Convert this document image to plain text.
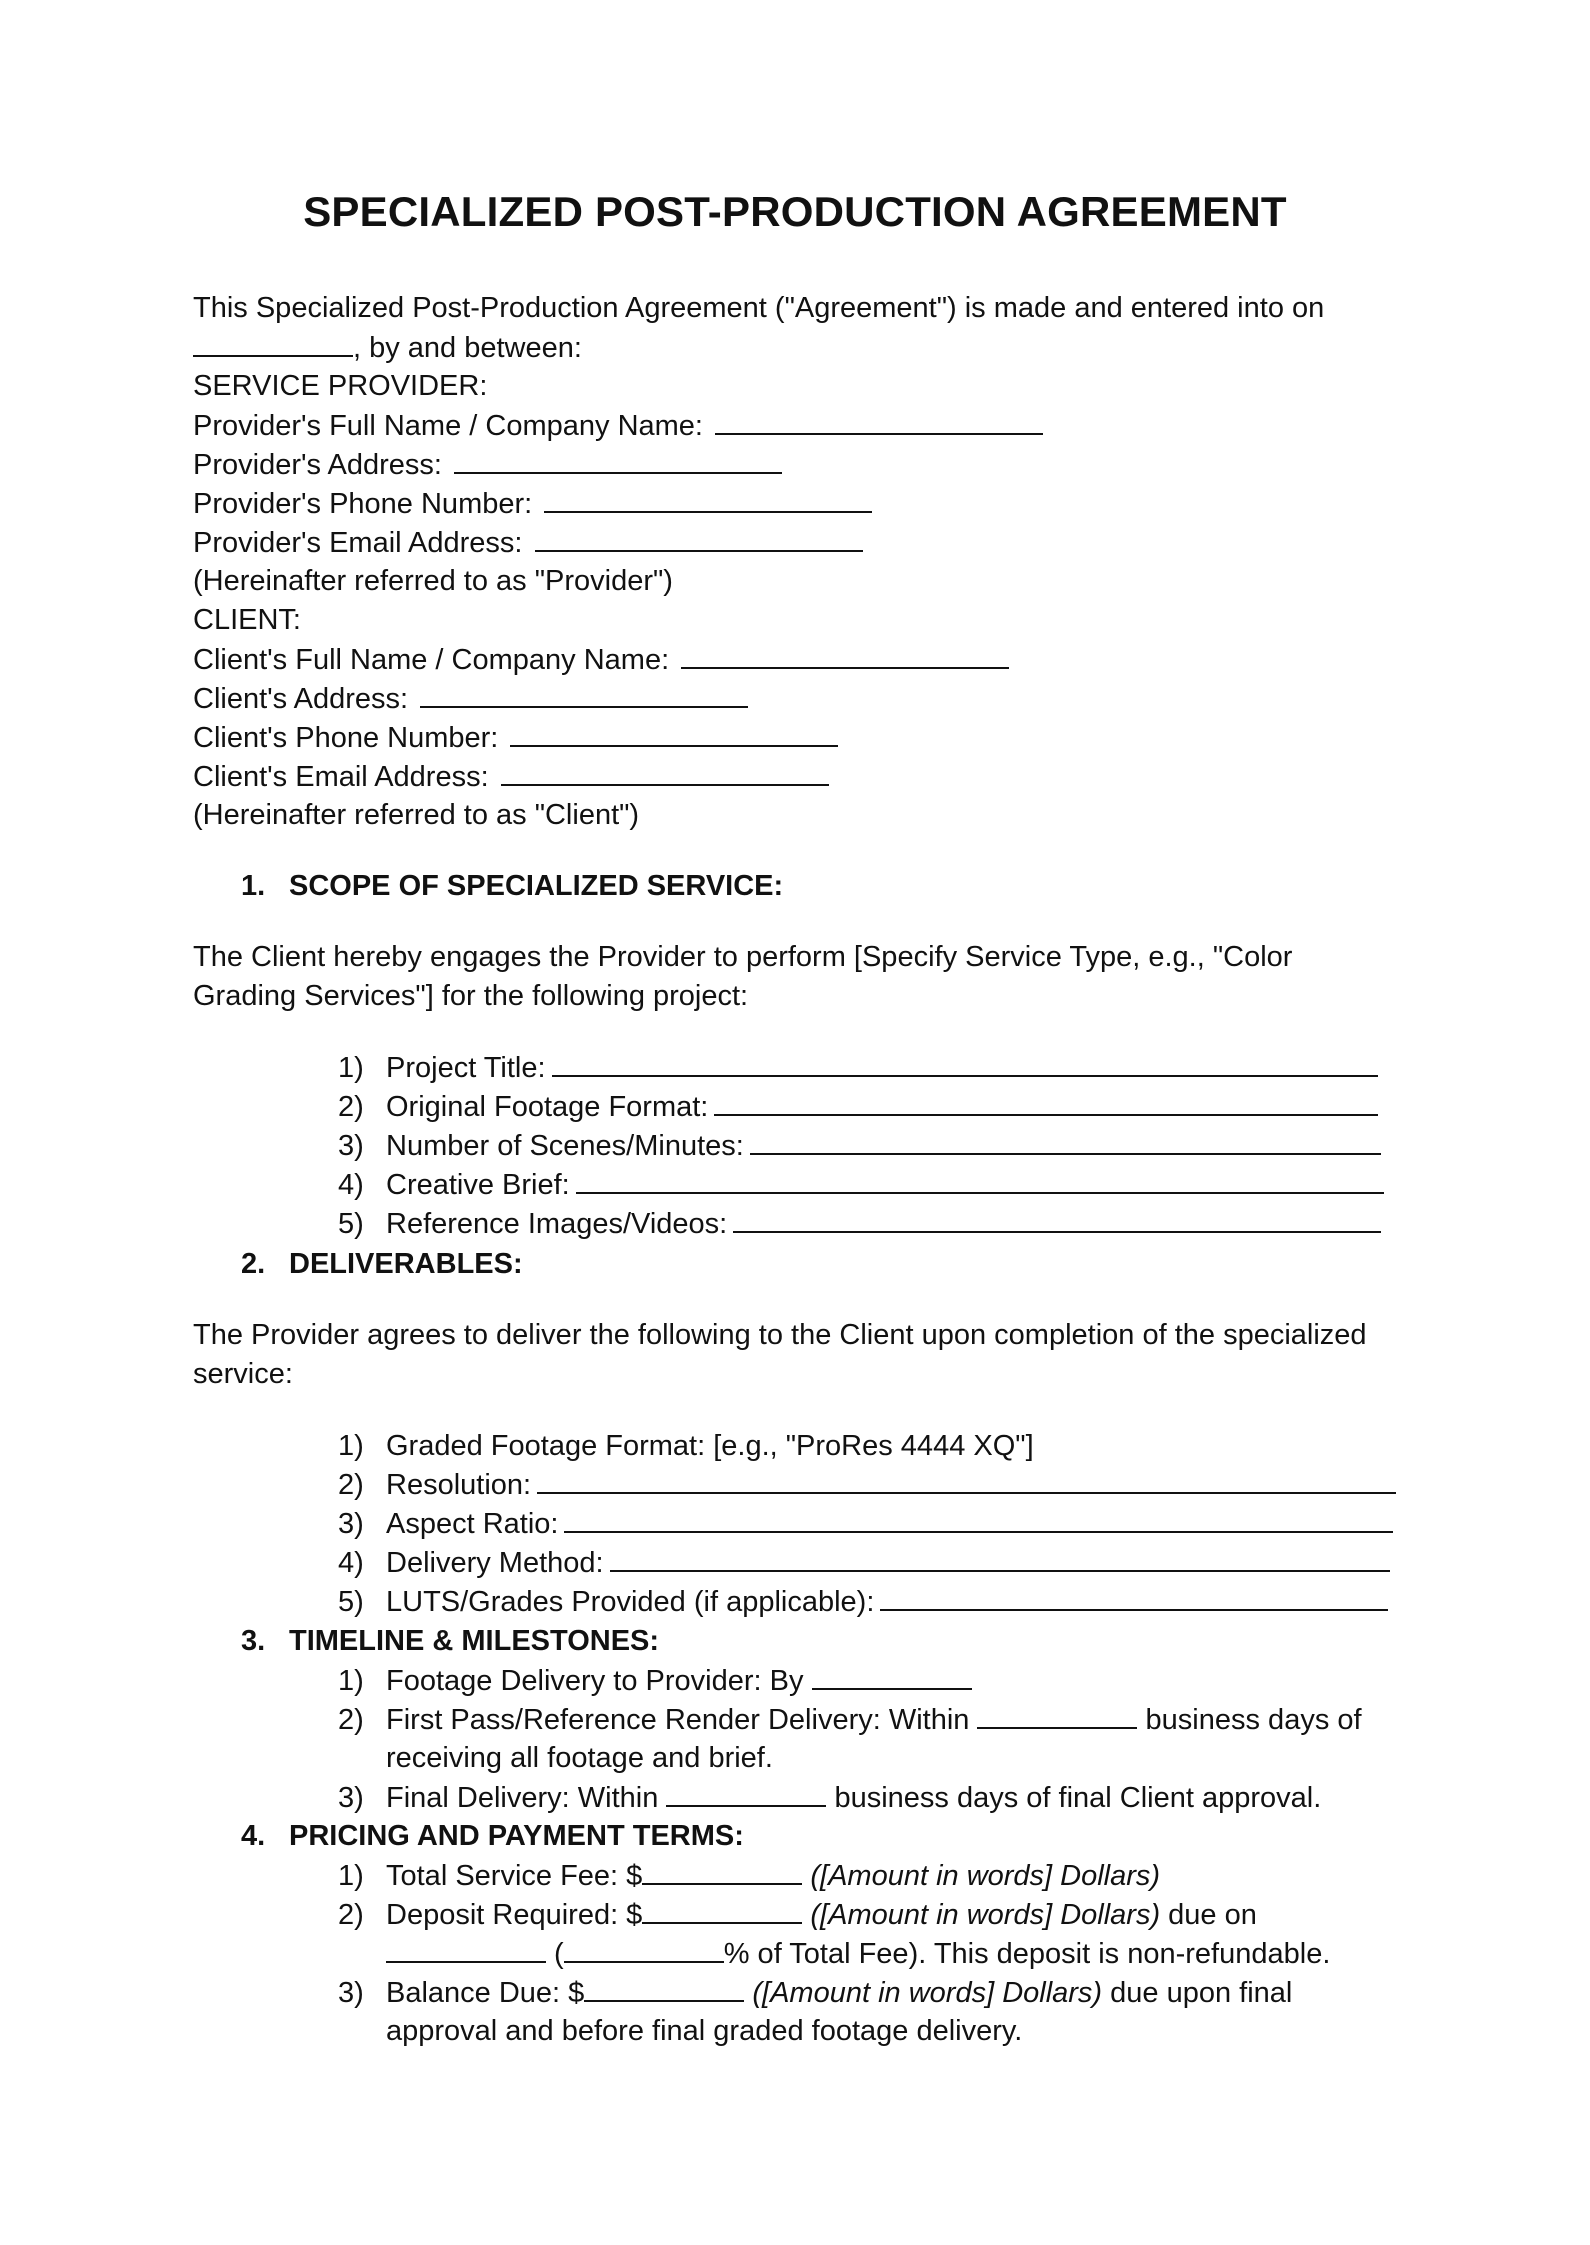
SPECIALIZED POST-PRODUCTION AGREEMENT
This Specialized Post-Production Agreement ("Agreement") is made and entered into on
, by and between:
SERVICE PROVIDER:
Provider's Full Name / Company Name:
Provider's Address:
Provider's Phone Number:
Provider's Email Address:
(Hereinafter referred to as "Provider")
CLIENT:
Client's Full Name / Company Name:
Client's Address:
Client's Phone Number:
Client's Email Address:
(Hereinafter referred to as "Client")
1. SCOPE OF SPECIALIZED SERVICE:
The Client hereby engages the Provider to perform [Specify Service Type, e.g., "Color
Grading Services"] for the following project:
1) Project Title:
2) Original Footage Format:
3) Number of Scenes/Minutes:
4) Creative Brief:
5) Reference Images/Videos:
2. DELIVERABLES:
The Provider agrees to deliver the following to the Client upon completion of the specialized
service:
1) Graded Footage Format: [e.g., "ProRes 4444 XQ"]
2) Resolution:
3) Aspect Ratio:
4) Delivery Method:
5) LUTS/Grades Provided (if applicable):
3. TIMELINE & MILESTONES:
1) Footage Delivery to Provider: By
2) First Pass/Reference Render Delivery: Within	business days of
receiving all footage and brief.
3) Final Delivery: Within	business days of final Client approval.
4. PRICING AND PAYMENT TERMS:
1) Total Service Fee: $	([Amount in words] Dollars)
2) Deposit Required: $	([Amount in words] Dollars) due on
(	% of Total Fee). This deposit is non-refundable.
3) Balance Due: $	([Amount in words] Dollars) due upon final
approval and before final graded footage delivery.
